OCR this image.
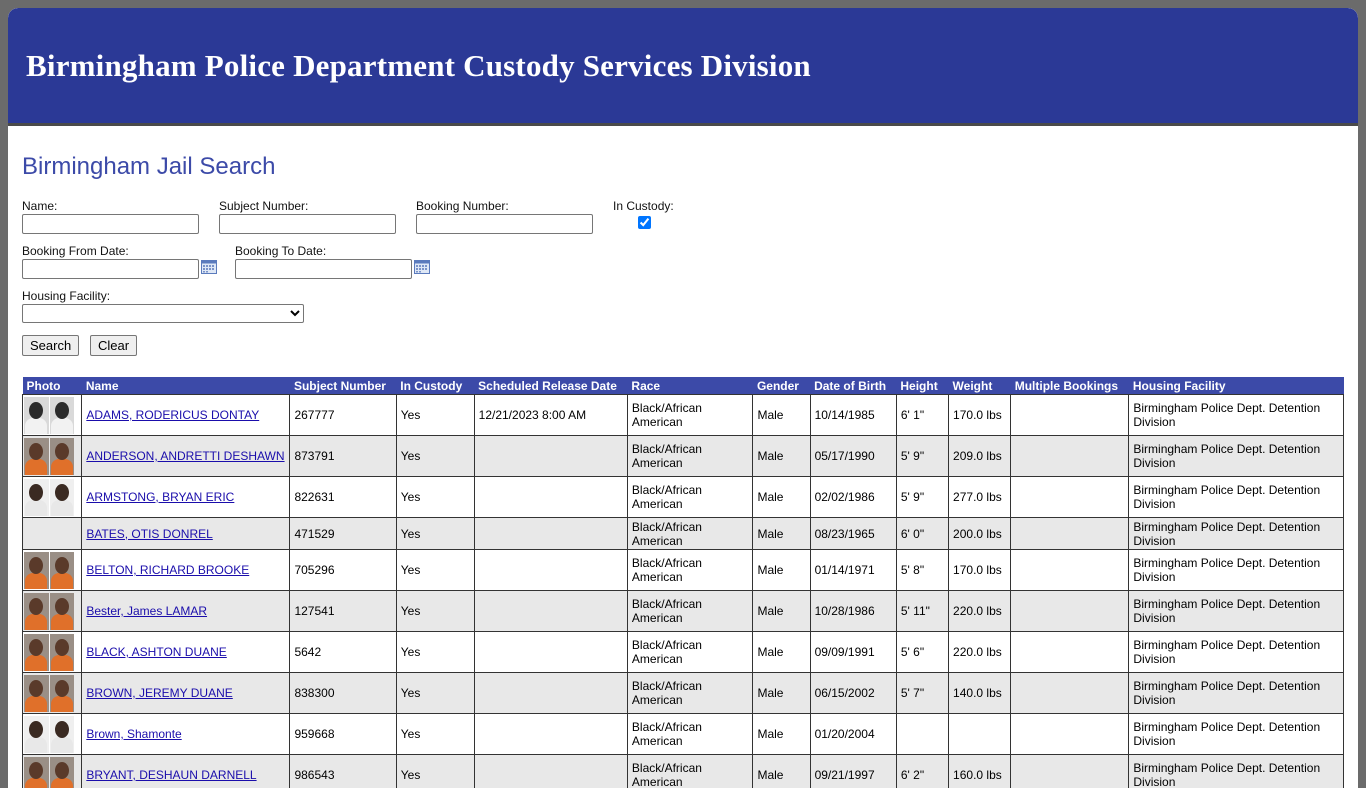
Birmingham Police Department Custody Services Division
Birmingham Jail Search
Name:	Subject Number:	Booking Number:	In Custody:
Booking From Date:	Booking To Date:
Housing Facility:
Search	Clear
Photo	Name	Subject Number	In Custody	Scheduled Release Date	Race	Gender	Date of Birth	Height	Weight	Multiple Bookings	Housing Facility

	ADAMS, RODERICUS DONTAY	267777	Yes	12/21/2023 8:00 AM	Black/African American	Male	10/14/1985	6' 1"	170.0 lbs		Birmingham Police Dept. Detention Division

	ANDERSON, ANDRETTI DESHAWN	873791	Yes		Black/African American	Male	05/17/1990	5' 9"	209.0 lbs		Birmingham Police Dept. Detention Division

	ARMSTONG, BRYAN ERIC	822631	Yes		Black/African American	Male	02/02/1986	5' 9"	277.0 lbs		Birmingham Police Dept. Detention Division
	BATES, OTIS DONREL	471529	Yes		Black/African American	Male	08/23/1965	6' 0"	200.0 lbs		Birmingham Police Dept. Detention Division

	BELTON, RICHARD BROOKE	705296	Yes		Black/African American	Male	01/14/1971	5' 8"	170.0 lbs		Birmingham Police Dept. Detention Division

	Bester, James LAMAR	127541	Yes		Black/African American	Male	10/28/1986	5' 11"	220.0 lbs		Birmingham Police Dept. Detention Division

	BLACK, ASHTON DUANE	5642	Yes		Black/African American	Male	09/09/1991	5' 6"	220.0 lbs		Birmingham Police Dept. Detention Division

	BROWN, JEREMY DUANE	838300	Yes		Black/African American	Male	06/15/2002	5' 7"	140.0 lbs		Birmingham Police Dept. Detention Division

	Brown, Shamonte	959668	Yes		Black/African American	Male	01/20/2004				Birmingham Police Dept. Detention Division

	BRYANT, DESHAUN DARNELL	986543	Yes		Black/African American	Male	09/21/1997	6' 2"	160.0 lbs		Birmingham Police Dept. Detention Division
